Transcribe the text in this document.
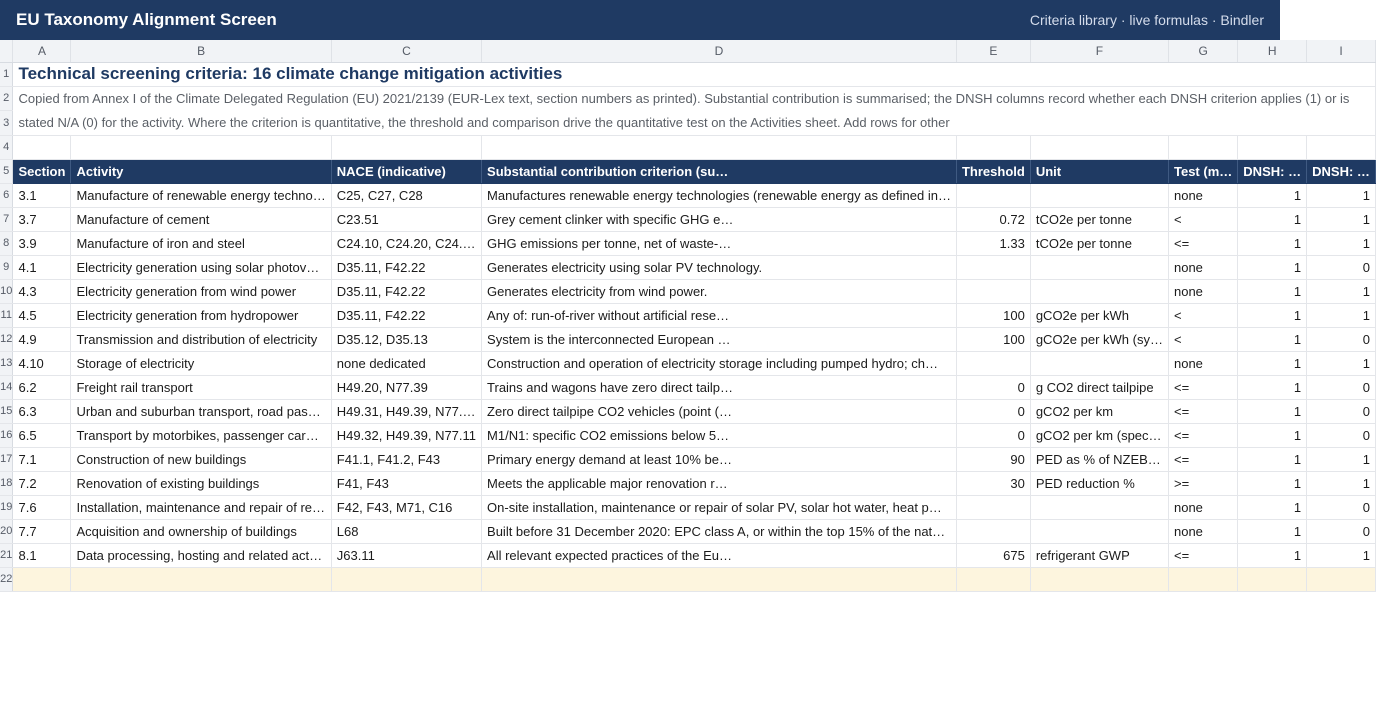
EU Taxonomy Alignment Screen	Criteria library · live formulas · Bindler
	A	B	C	D	E	F	G	H	I
1	Technical screening criteria: 16 climate change mitigation activities								
2	Copied from Annex I of the Climate Delegated Regulation (EU) 2021/2139 (EUR-Lex text, section numbers as printed). Substantial contribution is summarised; the DNSH columns record whether each DNSH criterion applies (1) or is stated N/A (0) for the activity. Where the criterion is quantitative, the threshold and comparison drive the quantitative test on the Activities sheet. Add rows for other								

3									
4									
5	Section	Activity	NACE (indicative)	Substantial contribution criterion (su…	Threshold	Unit	Test (m…	DNSH: …	DNSH: …
6	3.1	Manufacture of renewable energy techno…	C25, C27, C28	Manufactures renewable energy technologies (renewable energy as defined in…			none	1	1
7	3.7	Manufacture of cement	C23.51	Grey cement clinker with specific GHG e…	0.72	tCO2e per tonne	<	1	1
8	3.9	Manufacture of iron and steel	C24.10, C24.20, C24.…	GHG emissions per tonne, net of waste-…	1.33	tCO2e per tonne	<=	1	1
9	4.1	Electricity generation using solar photov…	D35.11, F42.22	Generates electricity using solar PV technology.			none	1	0
10	4.3	Electricity generation from wind power	D35.11, F42.22	Generates electricity from wind power.			none	1	1
11	4.5	Electricity generation from hydropower	D35.11, F42.22	Any of: run-of-river without artificial rese…	100	gCO2e per kWh	<	1	1
12	4.9	Transmission and distribution of electricity	D35.12, D35.13	System is the interconnected European …	100	gCO2e per kWh (sy…	<	1	0
13	4.10	Storage of electricity	none dedicated	Construction and operation of electricity storage including pumped hydro; ch…			none	1	1
14	6.2	Freight rail transport	H49.20, N77.39	Trains and wagons have zero direct tailp…	0	g CO2 direct tailpipe	<=	1	0
15	6.3	Urban and suburban transport, road pas…	H49.31, H49.39, N77.…	Zero direct tailpipe CO2 vehicles (point (…	0	gCO2 per km	<=	1	0
16	6.5	Transport by motorbikes, passenger car…	H49.32, H49.39, N77.11	M1/N1: specific CO2 emissions below 5…	0	gCO2 per km (spec…	<=	1	0
17	7.1	Construction of new buildings	F41.1, F41.2, F43	Primary energy demand at least 10% be…	90	PED as % of NZEB…	<=	1	1
18	7.2	Renovation of existing buildings	F41, F43	Meets the applicable major renovation r…	30	PED reduction %	>=	1	1
19	7.6	Installation, maintenance and repair of re…	F42, F43, M71, C16	On-site installation, maintenance or repair of solar PV, solar hot water, heat p…			none	1	0
20	7.7	Acquisition and ownership of buildings	L68	Built before 31 December 2020: EPC class A, or within the top 15% of the nat…			none	1	0
21	8.1	Data processing, hosting and related act…	J63.11	All relevant expected practices of the Eu…	675	refrigerant GWP	<=	1	1
22									
